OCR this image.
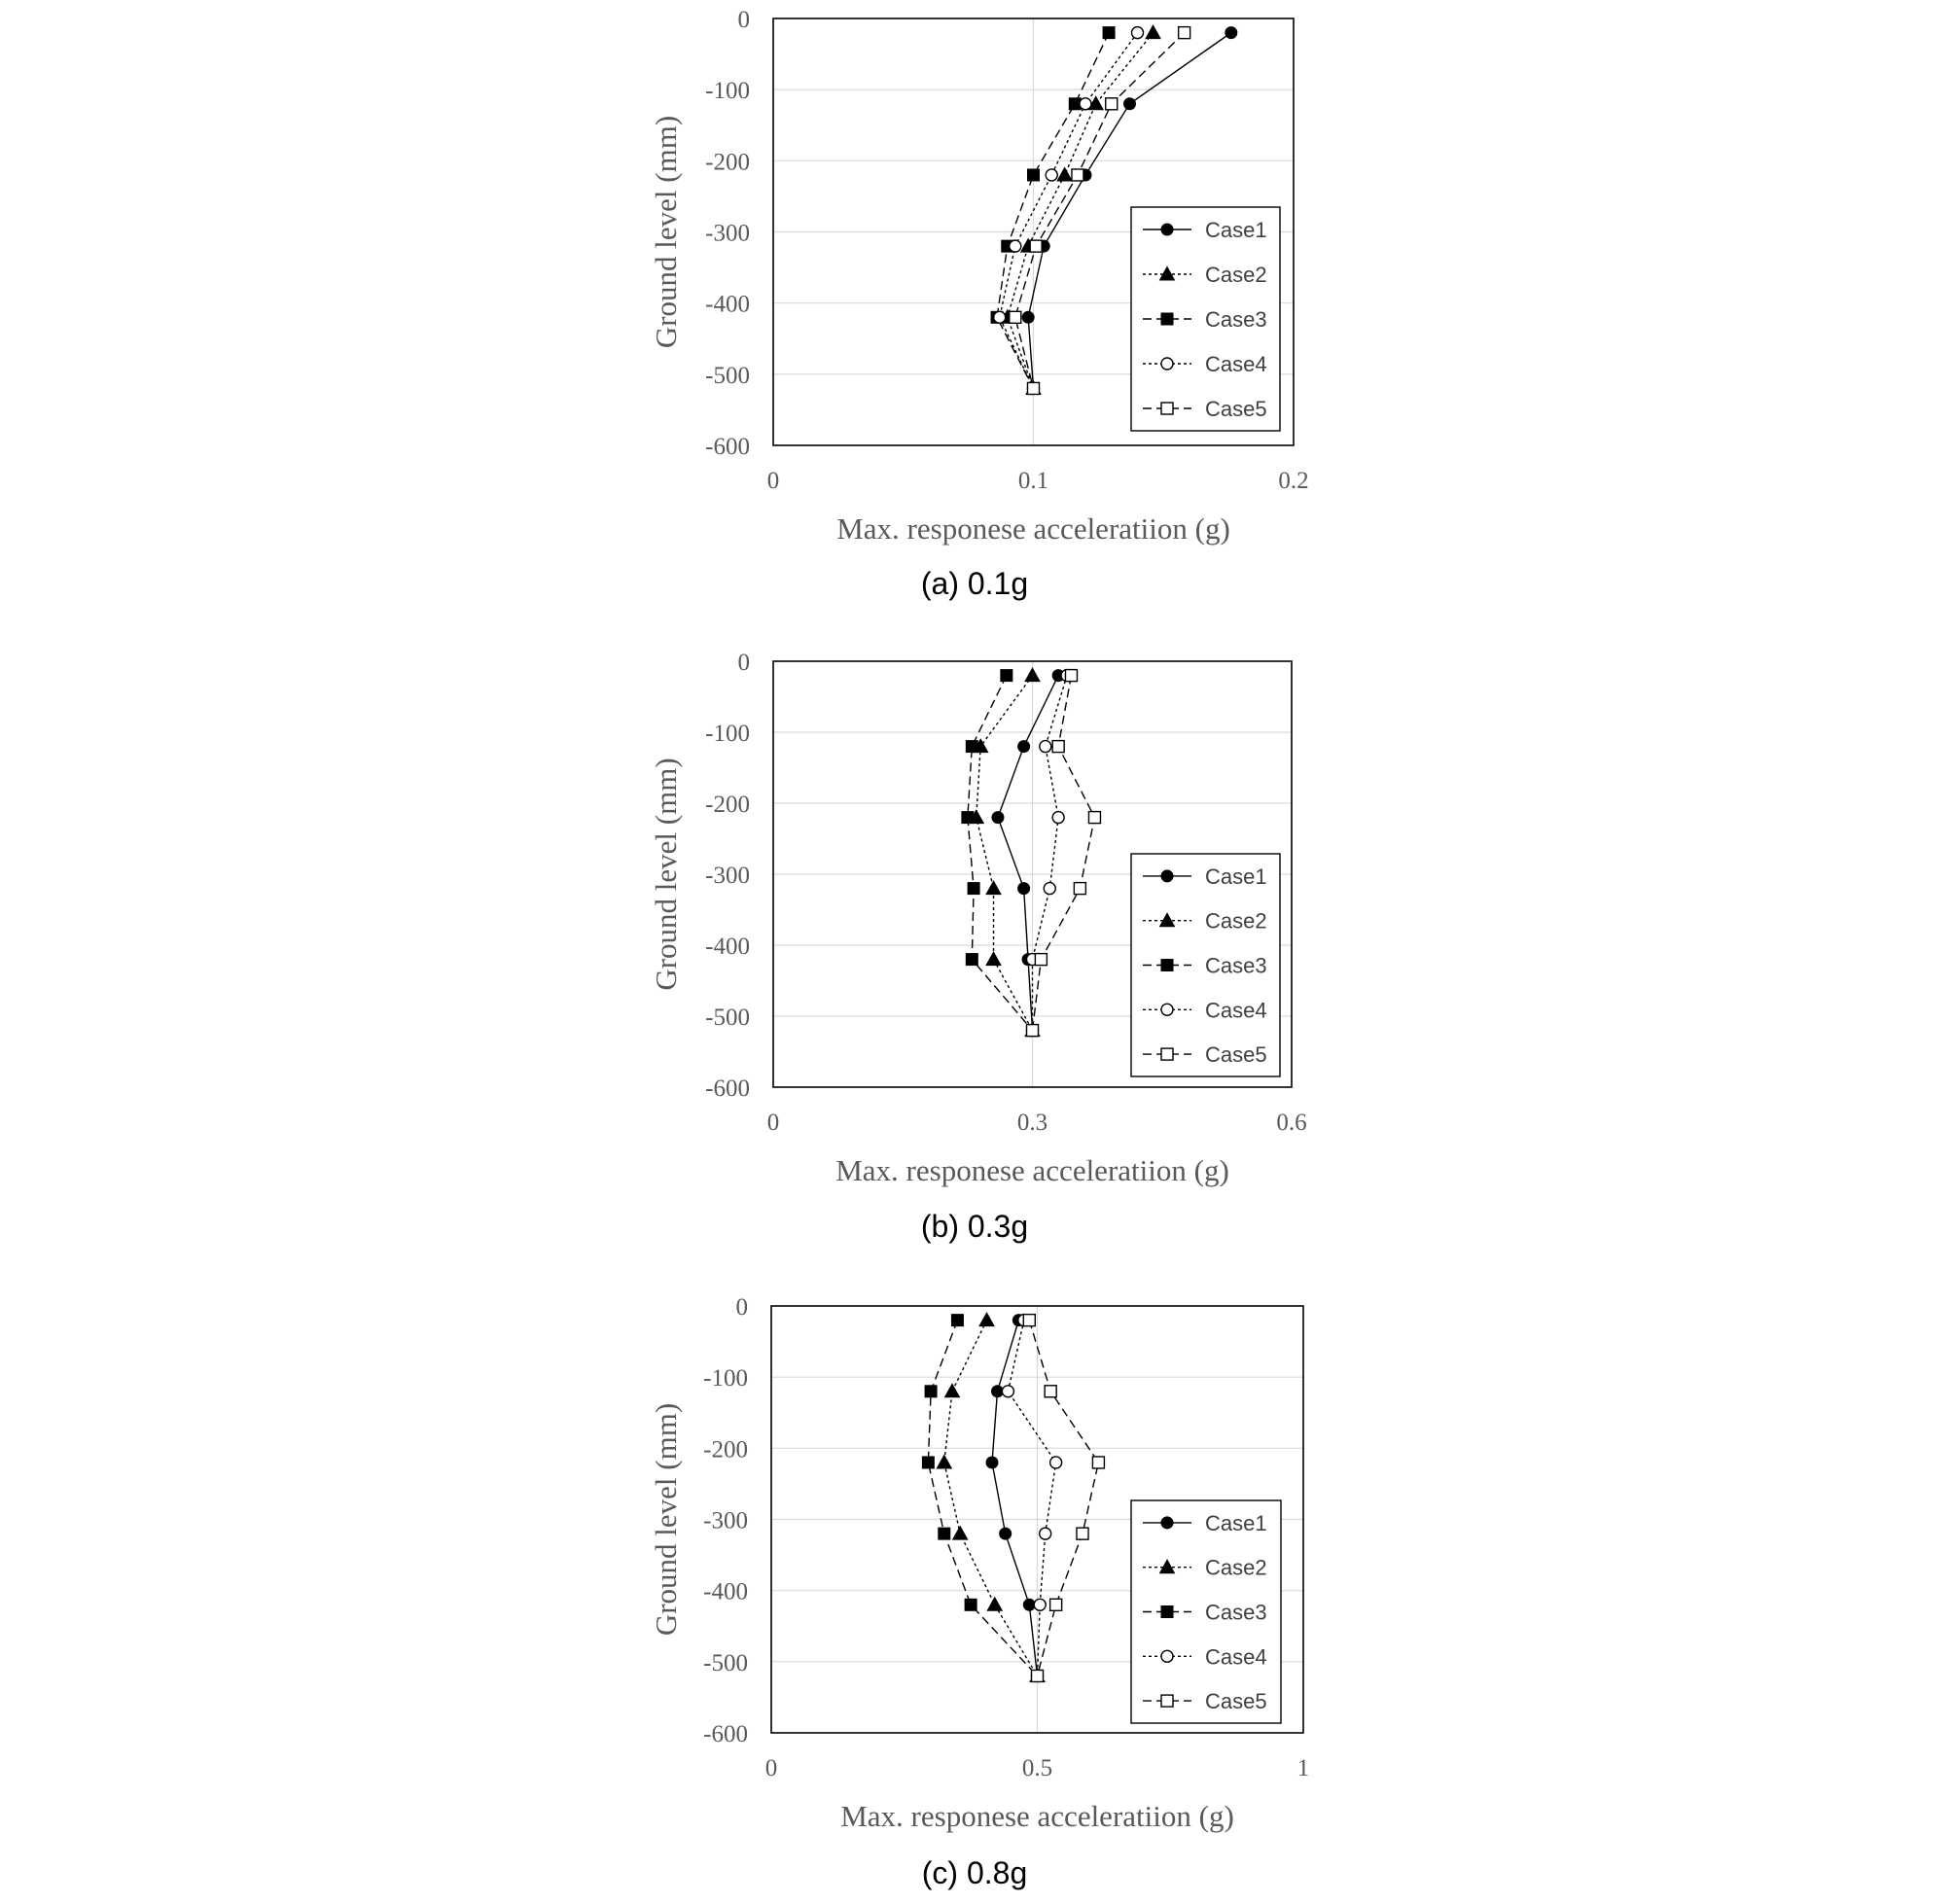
0
-100
-200
-300
-400
-500
-600
0	0.1	0.2
Max. responese acceleratiion (g)
Ground level (mm)	Case1
Case2
Case3
Case4
Case5
(a) 0.1g
0
-100
-200
-300
-400
-500
-600
0	0.3	0.6
Max. responese acceleratiion (g)
Ground level (mm)	Case1
Case2
Case3
Case4
Case5
(b) 0.3g
0
-100
-200
-300
-400
-500
-600
0	0.5	1
Max. responese acceleratiion (g)
Ground level (mm)	Case1
Case2
Case3
Case4
Case5
(c) 0.8g
